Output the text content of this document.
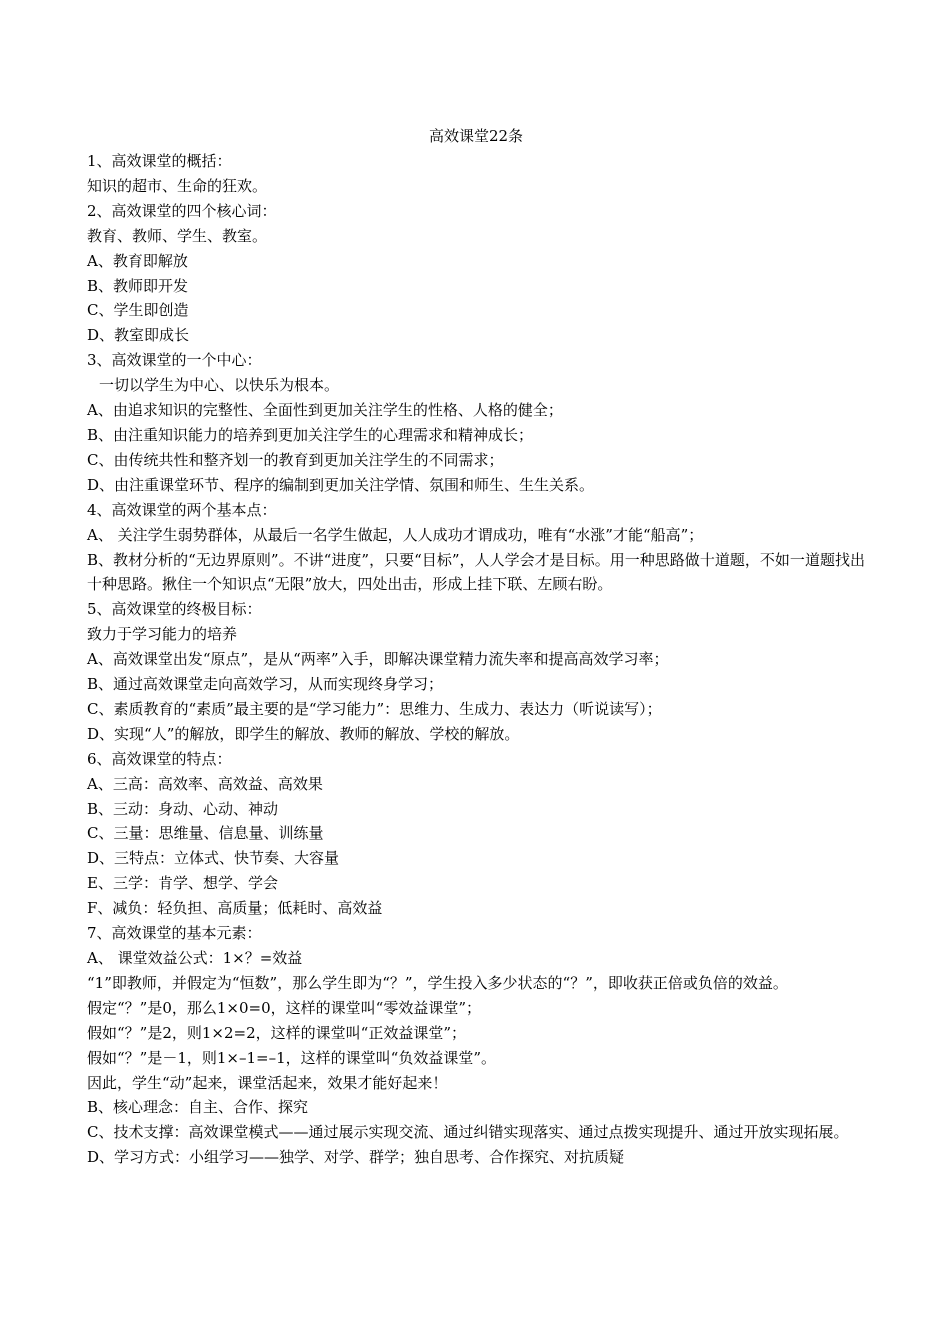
高效课堂22条
1、高效课堂的概括：
知识的超市、生命的狂欢。
2、高效课堂的四个核心词：
教育、教师、学生、教室。
A、教育即解放
B、教师即开发
C、学生即创造
D、教室即成长
3、高效课堂的一个中心：
一切以学生为中心、以快乐为根本。
A、由追求知识的完整性、全面性到更加关注学生的性格、人格的健全；
B、由注重知识能力的培养到更加关注学生的心理需求和精神成长；
C、由传统共性和整齐划一的教育到更加关注学生的不同需求；
D、由注重课堂环节、程序的编制到更加关注学情、氛围和师生、生生关系。
4、高效课堂的两个基本点：
A、 关注学生弱势群体，从最后一名学生做起，人人成功才谓成功，唯有“水涨”才能“船高”；
B、教材分析的“无边界原则”。不讲“进度”，只要“目标”，人人学会才是目标。用一种思路做十道题，不如一道题找出十种思路。揪住一个知识点“无限”放大，四处出击，形成上挂下联、左顾右盼。
5、高效课堂的终极目标：
致力于学习能力的培养
A、高效课堂出发“原点”，是从“两率”入手，即解决课堂精力流失率和提高高效学习率；
B、通过高效课堂走向高效学习，从而实现终身学习；
C、素质教育的“素质”最主要的是“学习能力”：思维力、生成力、表达力（听说读写）；
D、实现“人”的解放，即学生的解放、教师的解放、学校的解放。
6、高效课堂的特点：
A、三高：高效率、高效益、高效果
B、三动：身动、心动、神动
C、三量：思维量、信息量、训练量
D、三特点：立体式、快节奏、大容量
E、三学：肯学、想学、学会
F、减负：轻负担、高质量；低耗时、高效益
7、高效课堂的基本元素：
A、 课堂效益公式：1×？=效益
“1”即教师，并假定为“恒数”，那么学生即为“？”，学生投入多少状态的“？”，即收获正倍或负倍的效益。
假定“？”是0，那么1×0=0，这样的课堂叫“零效益课堂”；
假如“？”是2，则1×2=2，这样的课堂叫“正效益课堂”；
假如“？”是－1，则1×–1=–1，这样的课堂叫“负效益课堂”。
因此，学生“动”起来，课堂活起来，效果才能好起来！
B、核心理念：自主、合作、探究
C、技术支撑：高效课堂模式——通过展示实现交流、通过纠错实现落实、通过点拨实现提升、通过开放实现拓展。
D、学习方式：小组学习——独学、对学、群学；独自思考、合作探究、对抗质疑
